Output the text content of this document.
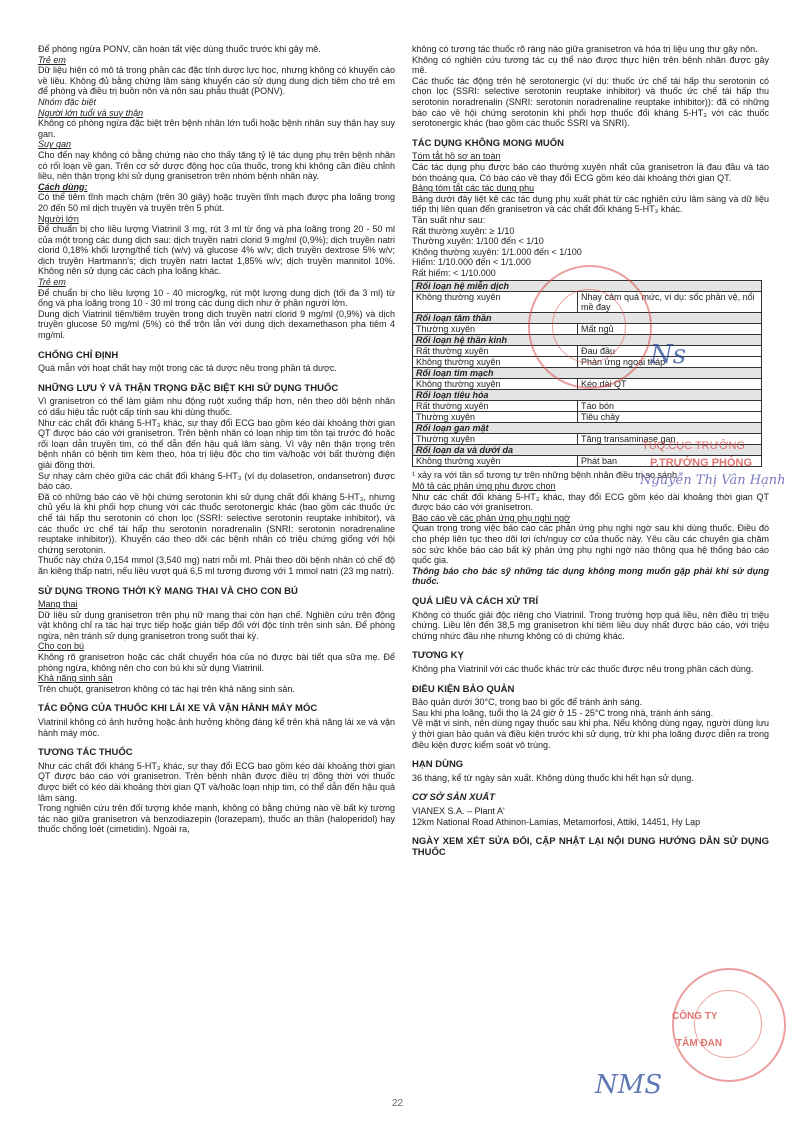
Để phòng ngừa PONV, cần hoàn tất việc dùng thuốc trước khi gây mê.

Trẻ em

Dữ liệu hiện có mô tả trong phần các đặc tính dược lực học, nhưng không có khuyến cáo về liều. Không đủ bằng chứng lâm sàng khuyến cáo sử dụng dung dịch tiêm cho trẻ em để phòng và điều trị buồn nôn và nôn sau phẫu thuật (PONV).

Nhóm đặc biệt

Người lớn tuổi và suy thận

Không có phòng ngừa đặc biệt trên bệnh nhân lớn tuổi hoặc bệnh nhân suy thận hay suy gan.

Suy gan

Cho đến nay không có bằng chứng nào cho thấy tăng tỷ lệ tác dụng phụ trên bệnh nhân có rối loạn về gan. Trên cơ sở dược động học của thuốc, trong khi không cần điều chỉnh liều, nên thận trọng khi sử dụng granisetron trên nhóm bệnh nhân này.

Cách dùng:

Có thể tiêm tĩnh mạch chậm (trên 30 giây) hoặc truyền tĩnh mạch được pha loãng trong 20 đến 50 ml dịch truyền và truyền trên 5 phút.

Người lớn

Để chuẩn bị cho liều lượng Viatrinil 3 mg, rút 3 ml từ ống và pha loãng trong 20 - 50 ml của một trong các dung dịch sau: dịch truyền natri clorid 9 mg/ml (0,9%); dịch truyền natri clorid 0,18% khối lượng/thể tích (w/v) và glucose 4% w/v; dịch truyền dextrose 5% w/v; dịch truyền Hartmann's; dịch truyền natri lactat 1,85% w/v; dịch truyền mannitol 10%. Không nên sử dụng các cách pha loãng khác.

Trẻ em

Để chuẩn bị cho liều lượng 10 - 40 microg/kg, rút một lượng dung dịch (tối đa 3 ml) từ ống và pha loãng trong 10 - 30 ml trong các dung dịch như ở phần người lớn.

Dung dịch Viatrinil tiêm/tiêm truyền trong dịch truyền natri clorid 9 mg/ml (0,9%) và dịch truyền glucose 50 mg/ml (5%) có thể trộn lẫn với dung dịch dexamethason pha tiêm 4 mg/ml.

CHỐNG CHỈ ĐỊNH

Quá mẫn với hoạt chất hay một trong các tá dược nêu trong phần tá dược.

NHỮNG LƯU Ý VÀ THẬN TRỌNG ĐẶC BIỆT KHI SỬ DỤNG THUỐC

Vì granisetron có thể làm giảm nhu động ruột xuống thấp hơn, nên theo dõi bệnh nhân có dấu hiệu tắc ruột cấp tính sau khi dùng thuốc.

Như các chất đối kháng 5-HT₃ khác, sự thay đổi ECG bao gồm kéo dài khoảng thời gian QT được báo cáo với granisetron. Trên bệnh nhân có loạn nhịp tim tồn tại trước đó hoặc rối loạn dẫn truyền tim, có thể dẫn đến hậu quả lâm sàng. Vì vậy nên thận trọng trên bệnh nhân có bệnh tim kèm theo, hóa trị liệu độc cho tim và/hoặc với bất thường điện giải đồng thời.

Sự nhạy cảm chéo giữa các chất đối kháng 5-HT₃ (ví dụ dolasetron, ondansetron) được báo cáo.

Đã có những báo cáo về hội chứng serotonin khi sử dụng chất đối kháng 5-HT₃, nhưng chủ yếu là khi phối hợp chung với các thuốc serotonergic khác (bao gồm các thuốc ức chế tái hấp thu serotonin có chọn lọc (SSRI: selective serotonin reuptake inhibitor), và các thuốc ức chế tái hấp thu serotonin noradrenalin (SNRI: serotonin noradrenaline reuptake inhibitor)). Khuyến cáo theo dõi các bệnh nhân có triệu chứng giống với hội chứng serotonin.

Thuốc này chứa 0,154 mmol (3,540 mg) natri mỗi ml. Phải theo dõi bệnh nhân có chế độ ăn kiêng thấp natri, nếu liều vượt quá 6,5 ml tương đương với 1 mmol natri (23 mg natri).

SỬ DỤNG TRONG THỜI KỲ MANG THAI VÀ CHO CON BÚ

Mang thai

Dữ liệu sử dụng granisetron trên phụ nữ mang thai còn hạn chế. Nghiên cứu trên động vật không chỉ ra tác hại trực tiếp hoặc gián tiếp đối với độc tính trên sinh sản. Để phòng ngừa, nên tránh sử dụng granisetron trong suốt thai kỳ.

Cho con bú

Không rõ granisetron hoặc các chất chuyển hóa của nó được bài tiết qua sữa mẹ. Để phòng ngừa, không nên cho con bú khi sử dụng Viatrinil.

Khả năng sinh sản

Trên chuột, granisetron không có tác hại trên khả năng sinh sản.

TÁC ĐỘNG CỦA THUỐC KHI LÁI XE VÀ VẬN HÀNH MÁY MÓC

Viatrinil không có ảnh hưởng hoặc ảnh hưởng không đáng kể trên khả năng lái xe và vận hành máy móc.

TƯƠNG TÁC THUỐC

Như các chất đối kháng 5-HT₃ khác, sự thay đổi ECG bao gồm kéo dài khoảng thời gian QT được báo cáo với granisetron. Trên bệnh nhân được điều trị đồng thời với thuốc được biết có kéo dài khoảng thời gian QT và/hoặc loạn nhịp tim, có thể dẫn đến hậu quả lâm sàng.

Trong nghiên cứu trên đối tượng khỏe mạnh, không có bằng chứng nào về bất kỳ tương tác nào giữa granisetron và benzodiazepin (lorazepam), thuốc an thần (haloperidol) hay thuốc chống loét (cimetidin). Ngoài ra,

không có tương tác thuốc rõ ràng nào giữa granisetron và hóa trị liệu ung thư gây nôn.

Không có nghiên cứu tương tác cụ thể nào được thực hiện trên bệnh nhân được gây mê.

Các thuốc tác động trên hệ serotonergic (ví dụ: thuốc ức chế tái hấp thu serotonin có chọn lọc (SSRI: selective serotonin reuptake inhibitor) và thuốc ức chế tái hấp thu serotonin noradrenalin (SNRI: serotonin noradrenaline reuptake inhibitor)): đã có những báo cáo về hội chứng serotonin khi phối hợp thuốc đối kháng 5-HT₃ với các thuốc serotonergic khác (bao gồm các thuốc SSRI và SNRI).

TÁC DỤNG KHÔNG MONG MUỐN

Tóm tắt hồ sơ an toàn

Các tác dụng phụ được báo cáo thường xuyên nhất của granisetron là đau đầu và táo bón thoáng qua. Có báo cáo về thay đổi ECG gồm kéo dài khoảng thời gian QT.

Bảng tóm tắt các tác dụng phụ

Bảng dưới đây liệt kê các tác dụng phụ xuất phát từ các nghiên cứu lâm sàng và dữ liệu tiếp thị liên quan đến granisetron và các chất đối kháng 5-HT₃ khác.

Tần suất như sau:

Rất thường xuyên: ≥ 1/10

Thường xuyên: 1/100 đến < 1/10

Không thường xuyên: 1/1.000 đến < 1/100

Hiếm: 1/10.000 đến < 1/1.000

Rất hiếm: < 1/10.000

Rối loạn hệ miễn dịch	
Không thường xuyên	Nhạy cảm quá mức, ví dụ: sốc phản vệ, nổi mề đay
Rối loạn tâm thần	
Thường xuyên	Mất ngủ
Rối loạn hệ thần kinh	
Rất thường xuyên	Đau đầu
Không thường xuyên	Phản ứng ngoại tháp
Rối loạn tim mạch	
Không thường xuyên	Kéo dài QT
Rối loạn tiêu hóa	
Rất thường xuyên	Táo bón
Thường xuyên	Tiêu chảy
Rối loạn gan mật	
Thường xuyên	Tăng transaminase gan
Rối loạn da và dưới da	
Không thường xuyên	Phát ban

¹ xảy ra với tần số tương tự trên những bệnh nhân điều trị so sánh.

Mô tả các phản ứng phụ được chọn

Như các chất đối kháng 5-HT₃ khác, thay đổi ECG gồm kéo dài khoảng thời gian QT được báo cáo với granisetron.

Báo cáo về các phản ứng phụ nghi ngờ

Quan trọng trong việc báo cáo các phản ứng phụ nghi ngờ sau khi dùng thuốc. Điều đó cho phép liên tục theo dõi lợi ích/nguy cơ của thuốc này. Yêu cầu các chuyên gia chăm sóc sức khỏe báo cáo bất kỳ phản ứng phụ nghi ngờ nào thông qua hệ thống báo cáo quốc gia.

Thông báo cho bác sỹ những tác dụng không mong muốn gặp phải khi sử dụng thuốc.

QUÁ LIỀU VÀ CÁCH XỬ TRÍ

Không có thuốc giải độc riêng cho Viatrinil. Trong trường hợp quá liều, nên điều trị triệu chứng. Liều lên đến 38,5 mg granisetron khi tiêm liều duy nhất được báo cáo, với triệu chứng nhức đầu nhẹ nhưng không có di chứng khác.

TƯƠNG KỴ

Không pha Viatrinil với các thuốc khác trừ các thuốc được nêu trong phần cách dùng.

ĐIỀU KIỆN BẢO QUẢN

Bảo quản dưới 30°C, trong bao bì gốc để tránh ánh sáng.

Sau khi pha loãng, tuổi thọ là 24 giờ ở 15 - 25°C trong nhà, tránh ánh sáng.

Về mặt vi sinh, nên dùng ngay thuốc sau khi pha. Nếu không dùng ngay, người dùng lưu ý thời gian bảo quản và điều kiện trước khi sử dụng, trừ khi pha loãng được diễn ra trong điều kiện được kiểm soát vô trùng.

HẠN DÙNG

36 tháng, kể từ ngày sản xuất. Không dùng thuốc khi hết hạn sử dụng.

CƠ SỞ SẢN XUẤT

VIANEX S.A. – Plant A'

12km National Road Athinon-Lamias, Metamorfosi, Attiki, 14451, Hy Lạp

NGÀY XEM XÉT SỬA ĐỔI, CẬP NHẬT LẠI NỘI DUNG HƯỚNG DẪN SỬ DỤNG THUỐC

Ns
TUQ.CỤC TRƯỞNG
P.TRƯỞNG PHÒNG
Nguyễn Thị Vân Hạnh
CÔNG TY
TÂM ĐAN
NMS
22
